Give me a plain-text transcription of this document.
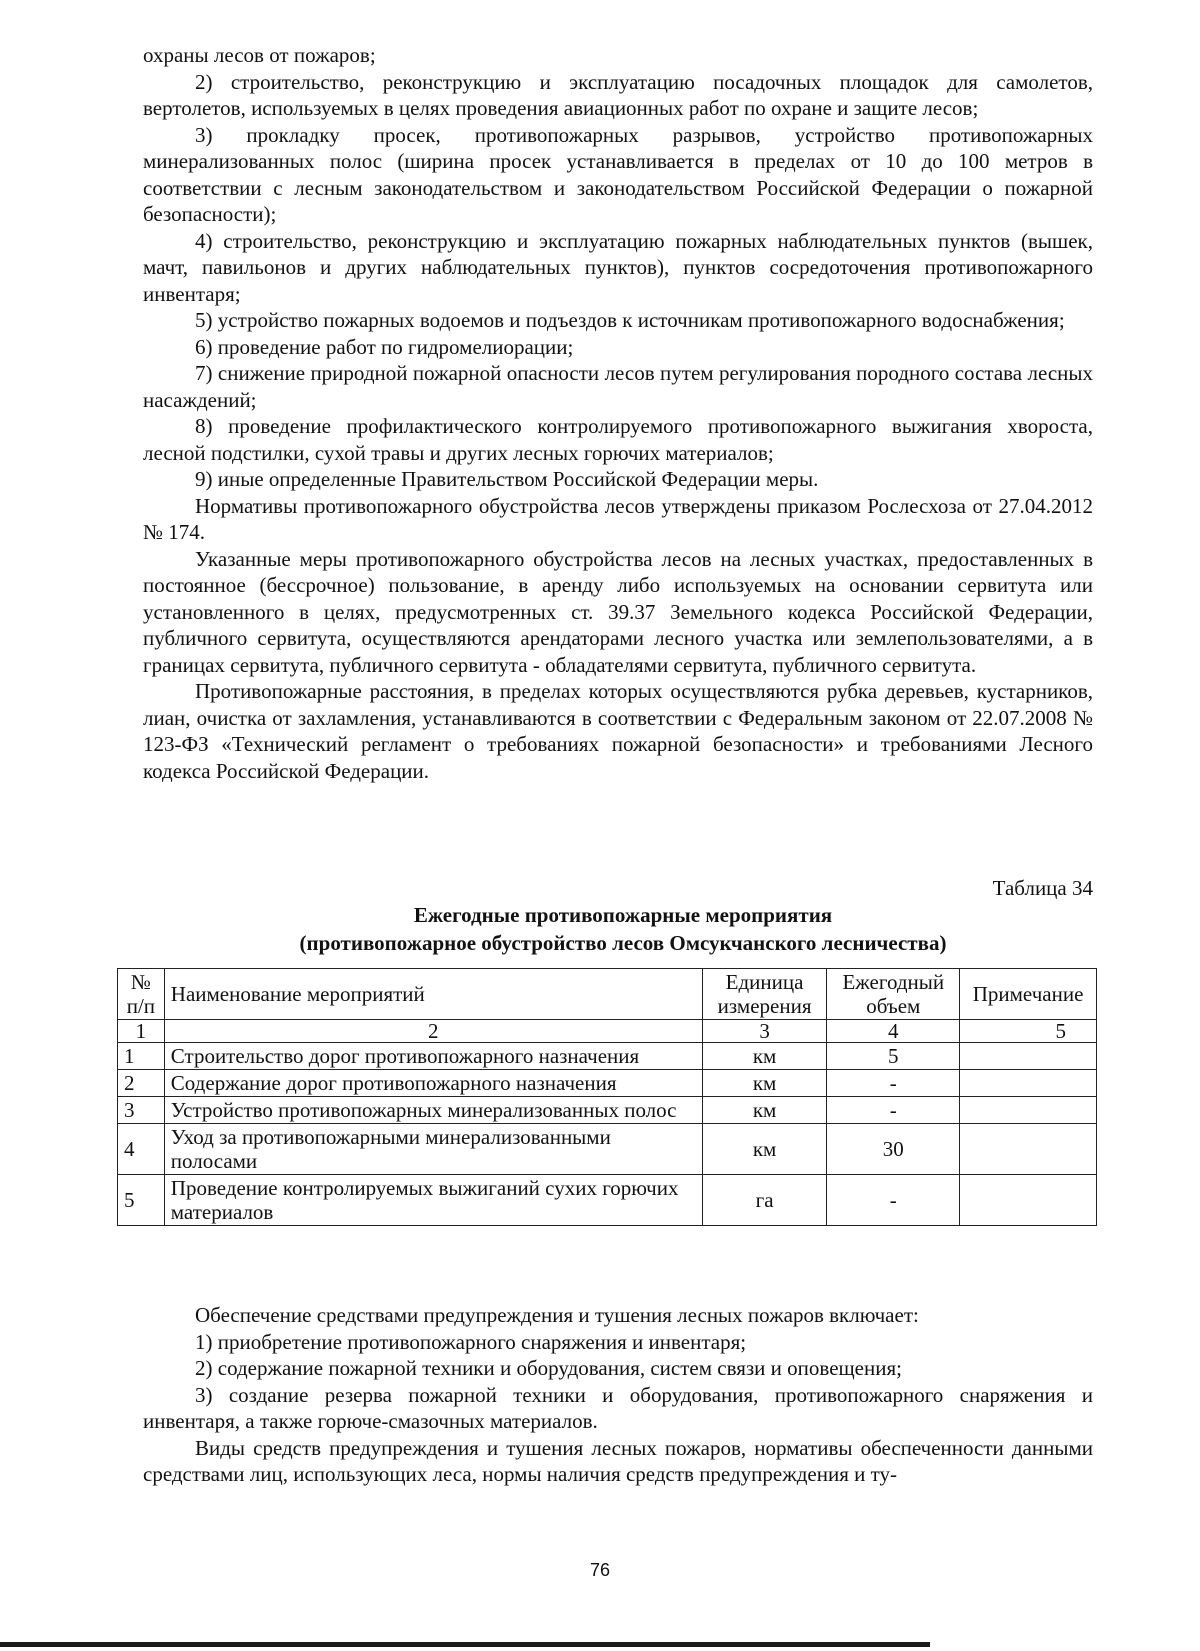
охраны лесов от пожаров;

2) строительство, реконструкцию и эксплуатацию посадочных площадок для самолетов, вертолетов, используемых в целях проведения авиационных работ по охране и защите лесов;

3) прокладку просек, противопожарных разрывов, устройство противопожарных минерализованных полос (ширина просек устанавливается в пределах от 10 до 100 метров в соответствии с лесным законодательством и законодательством Российской Федерации о пожарной безопасности);

4) строительство, реконструкцию и эксплуатацию пожарных наблюдательных пунктов (вышек, мачт, павильонов и других наблюдательных пунктов), пунктов сосредоточения противопожарного инвентаря;

5) устройство пожарных водоемов и подъездов к источникам противопожарного водоснабжения;

6) проведение работ по гидромелиорации;

7) снижение природной пожарной опасности лесов путем регулирования породного состава лесных насаждений;

8) проведение профилактического контролируемого противопожарного выжигания хвороста, лесной подстилки, сухой травы и других лесных горючих материалов;

9) иные определенные Правительством Российской Федерации меры.

Нормативы противопожарного обустройства лесов утверждены приказом Рослесхоза от 27.04.2012 № 174.

Указанные меры противопожарного обустройства лесов на лесных участках, предоставленных в постоянное (бессрочное) пользование, в аренду либо используемых на основании сервитута или установленного в целях, предусмотренных ст. 39.37 Земельного кодекса Российской Федерации, публичного сервитута, осуществляются арендаторами лесного участка или землепользователями, а в границах сервитута, публичного сервитута - обладателями сервитута, публичного сервитута.

Противопожарные расстояния, в пределах которых осуществляются рубка деревьев, кустарников, лиан, очистка от захламления, устанавливаются в соответствии с Федеральным законом от 22.07.2008 № 123-ФЗ «Технический регламент о требованиях пожарной безопасности» и требованиями Лесного кодекса Российской Федерации.

Таблица 34
Ежегодные противопожарные мероприятия
(противопожарное обустройство лесов Омсукчанского лесничества)
№ п/п	Наименование мероприятий	Единица измерения	Ежегодный объем	Примечание
1	2	3	4	5
1	Строительство дорог противопожарного назначения	км	5	
2	Содержание дорог противопожарного назначения	км	-	
3	Устройство противопожарных минерализованных полос	км	-	
4	Уход за противопожарными минерализованными полосами	км	30	
5	Проведение контролируемых выжиганий сухих горючих материалов	га	-	

Обеспечение средствами предупреждения и тушения лесных пожаров включает:

1) приобретение противопожарного снаряжения и инвентаря;

2) содержание пожарной техники и оборудования, систем связи и оповещения;

3) создание резерва пожарной техники и оборудования, противопожарного снаряжения и инвентаря, а также горюче-смазочных материалов.

Виды средств предупреждения и тушения лесных пожаров, нормативы обеспеченности данными средствами лиц, использующих леса, нормы наличия средств предупреждения и ту-

76
